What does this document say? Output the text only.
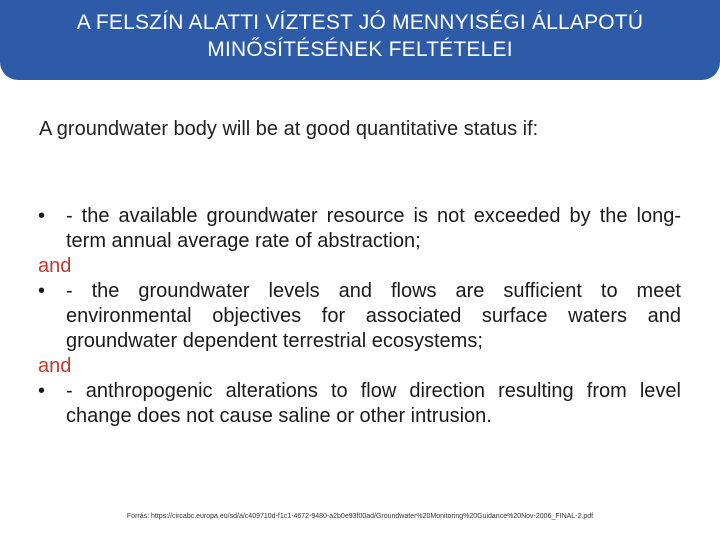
A FELSZÍN ALATTI VÍZTEST JÓ MENNYISÉGI ÁLLAPOTÚ
MINŐSÍTÉSÉNEK FELTÉTELEI
A groundwater body will be at good quantitative status if:
•	- the available groundwater resource is not exceeded by the long-term annual average rate of abstraction;
and
•	- the groundwater levels and flows are sufficient to meet environmental objectives for associated surface waters and groundwater dependent terrestrial ecosystems;
and
•	- anthropogenic alterations to flow direction resulting from level change does not cause saline or other intrusion.
Forrás: https://circabc.europa.eu/sd/a/c409710d-f1c1-4672-9480-a2b0e93f00ad/Groundwater%20Monitoring%20Guidance%20Nov-2006_FINAL-2.pdf
